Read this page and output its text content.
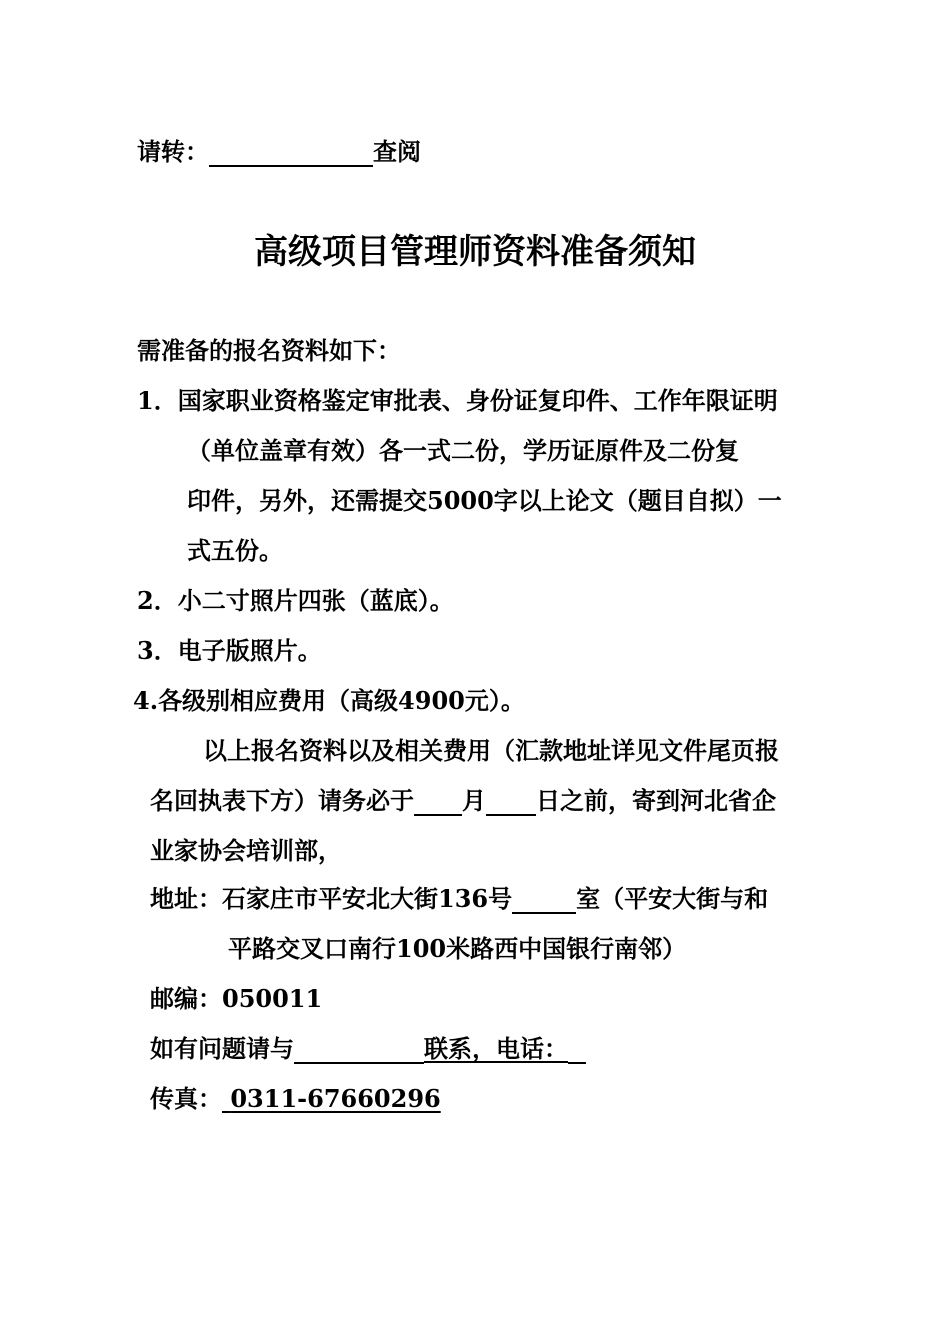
请转：	查阅
高级项目管理师资料准备须知
需准备的报名资料如下：
1．国家职业资格鉴定审批表、身份证复印件、工作年限证明
（单位盖章有效）各一式二份，学历证原件及二份复
印件，另外，还需提交5000字以上论文（题目自拟）一
式五份。
2．小二寸照片四张（蓝底）。
3．电子版照片。
4.各级别相应费用（高级4900元）。
以上报名资料以及相关费用（汇款地址详见文件尾页报
名回执表下方）请务必于 月 日之前，寄到河北省企
业家协会培训部，
地址：石家庄市平安北大街136号	室（平安大街与和
平路交叉口南行100米路西中国银行南邻）
邮编：050011
如有问题请与	联系，电话：
传真： 0311-67660296
